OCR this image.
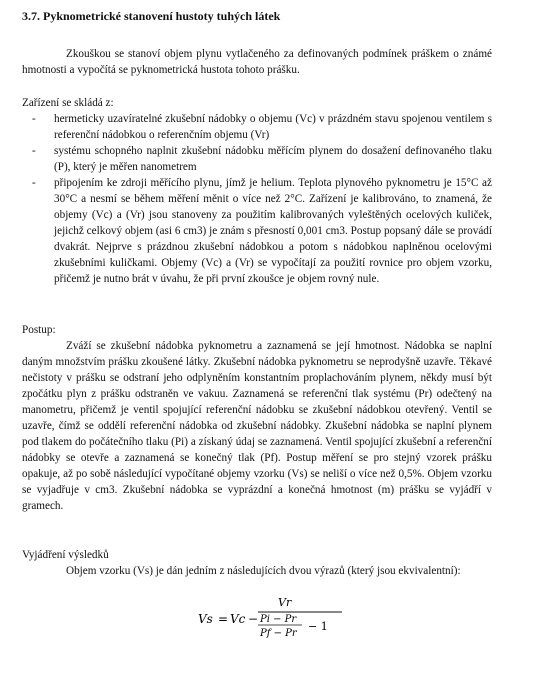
3.7. Pyknometrické stanovení hustoty tuhých látek
Zkouškou se stanoví objem plynu vytlačeného za definovaných podmínek práškem o známé hmotnosti a vypočítá se pyknometrická hustota tohoto prášku.
Zařízení se skládá z:
- hermeticky uzavíratelné zkušební nádobky o objemu (Vc) v prázdném stavu spojenou ventilem s referenční nádobkou o referenčním objemu (Vr)
- systému schopného naplnit zkušební nádobku měřícím plynem do dosažení definovaného tlaku (P), který je měřen nanometrem
- připojením ke zdroji měřícího plynu, jímž je helium. Teplota plynového pyknometru je 15°C až 30°C a nesmí se během měření měnit o více než 2°C. Zařízení je kalibrováno, to znamená, že objemy (Vc) a (Vr) jsou stanoveny za použitím kalibrovaných vyleštěných ocelových kuliček, jejichž celkový objem (asi 6 cm3) je znám s přesností 0,001 cm3. Postup popsaný dále se provádí dvakrát. Nejprve s prázdnou zkušební nádobkou a potom s nádobkou naplněnou ocelovými zkušebními kuličkami. Objemy (Vc) a (Vr) se vypočítají za použití rovnice pro objem vzorku, přičemž je nutno brát v úvahu, že při první zkoušce je objem rovný nule.
Postup:
Zváží se zkušební nádobka pyknometru a zaznamená se její hmotnost. Nádobka se naplní daným množstvím prášku zkoušené látky. Zkušební nádobka pyknometru se neprodyšně uzavře. Těkavé nečistoty v prášku se odstraní jeho odplyněním konstantním proplachováním plynem, někdy musí být zpočátku plyn z prášku odstraněn ve vakuu. Zaznamená se referenční tlak systému (Pr) odečtený na manometru, přičemž je ventil spojující referenční nádobku se zkušební nádobkou otevřený. Ventil se uzavře, čímž se oddělí referenční nádobka od zkušební nádobky. Zkušební nádobka se naplní plynem pod tlakem do počátečního tlaku (Pi) a získaný údaj se zaznamená. Ventil spojující zkušební a referenční nádobky se otevře a zaznamená se konečný tlak (Pf). Postup měření se pro stejný vzorek prášku opakuje, až po sobě následující vypočítané objemy vzorku (Vs) se neliší o více než 0,5%. Objem vzorku se vyjadřuje v cm3. Zkušební nádobka se vyprázdní a konečná hmotnost (m) prášku se vyjádří v gramech.
Vyjádření výsledků
Objem vzorku (Vs) je dán jedním z následujících dvou výrazů (který jsou ekvivalentní):
Vs = Vc −
Vr
Pi − Pr
Pf − Pr
− 1
